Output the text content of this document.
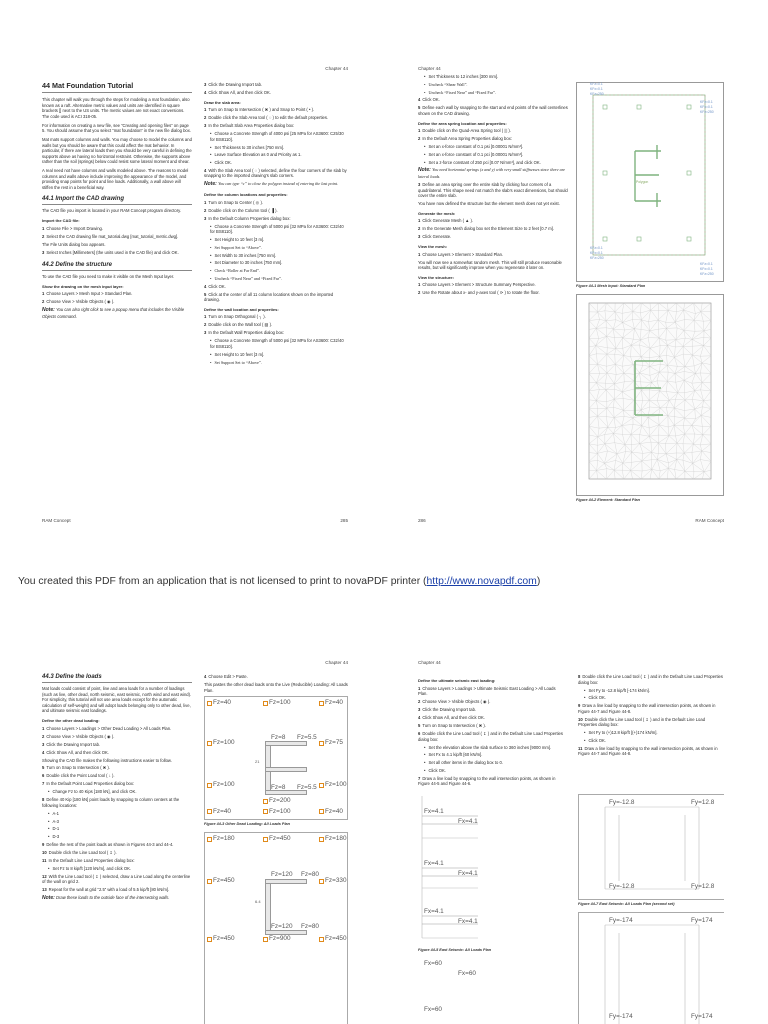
Chapter 44
44 Mat Foundation Tutorial

This chapter will walk you through the steps for modeling a mat foundation, also known as a raft. Alternative metric values and units are identified in square brackets [] next to the US units. The metric values are not exact conversions. The code used is ACI 318-05.

For information on creating a new file, see “Creating and opening files” on page 5. You should assume that you select “mat foundation” in the new file dialog box.

Mat mats support columns and walls. You may choose to model the columns and walls but you should be aware that this could affect the mat behavior. In particular, if there are lateral loads then you should be very careful in defining the supports above as having no horizontal restraint. Otherwise, the supports above rather than the soil (springs) below could resist some lateral moment and shear.

A real need not have columns and walls modeled above. The reasons to model columns and walls above include improving the appearance of the model, and providing snap points for point and line loads. Additionally, a wall above will stiffen the rest in a beneficial way.

44.1 Import the CAD drawing

The CAD file you import is located in your RAM Concept program directory.

Import the CAD file:
1 Choose File > Import Drawing.
2 Select the CAD drawing file mat_tutorial.dwg [mat_tutorial_metric.dwg].

The File Units dialog box appears.

3 Select Inches [Millimeters] (the units used in the CAD file) and click OK.
44.2 Define the structure

To use the CAD file you need to make it visible on the Mesh Input layer.

Show the drawing on the mesh input layer:
1 Choose Layers > Mesh Input > Standard Plan.
2 Choose View > Visible Objects ( ◉ ).
Note: You can also right click to see a popup menu that includes the Visible Objects command.
3 Click the Drawing Import tab.
4 Click Show All, and then click OK.
Draw the slab area:
1 Turn on Snap to Intersection ( ✖ ) and Snap to Point ( • ).
2 Double click the Slab Area tool ( ◌ ) to edit the default properties.
3 In the Default Slab Area Properties dialog box:
• Choose a Concrete Strength of 4000 psi [25 MPa for AS3600: C25/30 for BS8110].
• Set Thickness to 30 inches [750 mm].
• Leave Surface Elevation as 0 and Priority as 1.
• Click OK.
4 With the Slab Area tool ( ◌ ) selected, define the four corners of the slab by snapping to the imported drawing’s slab corners.
Note: You can type “c” to close the polygon instead of entering the last point.
Define the column locations and properties:
1 Turn on Snap to Center ( ◎ ).
2 Double click on the Column tool ( ▐ ).
3 In the Default Column Properties dialog box:
• Choose a Concrete Strength of 5000 psi [32 MPa for AS3600: C32/40 for BS8110].
• Set Height to 10 feet [3 m].
• Set Support Set to “Above”.
• Set Width to 30 inches [750 mm].
• Set Diameter to 30 inches [750 mm].
• Check “Roller at Far End”.
• Uncheck “Fixed Near” and “Fixed Far”.
4 Click OK.
5 Click at the center of all 11 column locations shown on the imported drawing.
Define the wall location and properties:
1 Turn on Snap Orthogonal ( ┐ ).
2 Double click on the Wall tool ( ▧ ).
3 In the Default Wall Properties dialog box:
• Choose a Concrete Strength of 5000 psi [32 MPa for AS3600: C32/40 for BS8110].
• Set Height to 10 feet [3 m].
• Set Support Set to “Above”.
RAM Concept	285
Chapter 44
• Set Thickness to 12 inches [300 mm].
• Uncheck “Shear Wall”.
• Uncheck “Fixed Near” and “Fixed Far”.
4 Click OK.
5 Define each wall by snapping to the start and end points of the wall centerlines shown on the CAD drawing.
Define the area spring location and properties:
1 Double click on the Quad-Area Spring tool ( ▒ ).
2 In the Default Area Spring Properties dialog box:
• Set an x-force constant of 0.1 psi [0.00001 N/mm³].
• Set an x-force constant of 0.1 pci [0.00001 N/mm³].
• Set a z-force constant of 250 pci [0.07 N/mm³], and click OK.
Note: You need horizontal springs (x and y) with very small stiffnesses since there are lateral loads.
3 Define an area spring over the entire slab by clicking four corners of a quadrilateral. This shape need not match the slab’s exact dimensions, but should cover the entire slab.
You have now defined the structure but the element mesh does not yet exist.
Generate the mesh:
1 Click Generate Mesh ( ▲ ).
2 In the Generate Mesh dialog box set the Element Size to 2 feet [0.7 m].
3 Click Generate.
View the mesh:
1 Choose Layers > Element > Standard Plan.
You will now see a somewhat random mesh. This will still produce reasonable results, but will significantly improve when you regenerate it later on.
View the structure:
1 Choose Layers > Element > Structure Summary Perspective.
2 Use the Rotate about x- and y-axes tool ( ⟳ ) to rotate the floor.
KFz=0.1
KFx=0.1
KFz=250
KFz=0.1
KFx=0.1
KFz=250
KFz=0.1
KFx=0.1
KFz=250
KFz=0.1
KFx=0.1
KFz=250
Polygon
Figure 44-1 Mesh Input: Standard Plan
Figure 44-2 Element: Standard Plan
286	RAM Concept
You created this PDF from an application that is not licensed to print to novaPDF printer (http://www.novapdf.com)
Chapter 44
44.3 Define the loads

Mat loads could consist of point, line and area loads for a number of loadings (such as live, other dead, north seismic, east seismic, north wind and east wind). For simplicity, this tutorial will not use area loads except for the automatic calculation of self-weight) and will adopt loads belonging only to other dead, live, and ultimate seismic east loadings.

Define the other dead loading:
1 Choose Layers > Loadings > Other Dead Loading > All Loads Plan.
2 Choose View > Visible Objects ( ◉ ).
3 Click the Drawing Import tab.
4 Click Show All, and then click OK.
Showing the CAD file makes the following instructions easier to follow.
5 Turn on Snap to Intersection ( ✖ ).
6 Double click the Point Load tool ( ↓ ).
7 In the Default Point Load Properties dialog box:
• Change Fz to 40 Kips [180 kN], and click OK.
8 Define 40 Kip [180 kN] point loads by snapping to column centers at the following locations:
• A-1
• A-3
• D-1
• D-3
9 Define the rest of the point loads as shown in Figures 44-3 and 44-4.
10 Double click the Line Load tool ( ↧ ).
11 In the Default Line Load Properties dialog box:
• Set Fz to 8 kip/ft [120 kN/m], and click OK.
12 With the Line Load tool ( ↧ ) selected, draw a Line Load along the centerline of the wall on grid 2.
13 Repeat for the wall at grid “2.5” with a load of 5.5 kip/ft [80 kN/m].
Note: Draw these loads to the outside face of the intersecting walls.
4 Choose Edit > Paste.

This pastes the other dead loads onto the Live (Reducible) Loading: All Loads Plan.

Fz=40	Fz=100	Fz=40
Fz=100
Fz=8 Fz=5.5
Fz=75
Fz=8 Fz=5.5
Fz=100
Fz=200
Fz=100
Fz=40	Fz=100	Fz=40
21
Figure 44-3 Other Dead Loading: All Loads Plan
Fz=180	Fz=450	Fz=180
Fz=450
Fz=120 Fz=80
Fz=330
Fz=120 Fz=80
Fz=450	Fz=900	Fz=450
6.4
Chapter 44
Define the ultimate seismic east loading:
1 Choose Layers > Loadings > Ultimate Seismic East Loading > All Loads Plan.
2 Choose View > Visible Objects ( ◉ ).
3 Click the Drawing Import tab.
4 Click Show All, and then click OK.
5 Turn on Snap to Intersection ( ✖ ).
6 Double click the Line Load tool ( ↧ ) and in the Default Line Load Properties dialog box:
• Set the elevation above the slab surface to 360 inches [9000 mm].
• Set Fx to 4.1 kip/ft [60 kN/m].
• Set all other items in the dialog box to 0.
• Click OK.
7 Draw a line load by snapping to the wall intersection points, as shown in Figure 44-5 and Figure 44-6.
8 Double click the Line Load tool ( ↧ ) and in the Default Line Load Properties dialog box:
• Set Fy to -12.8 kip/ft [-174 kN/m].
• Click OK.
9 Draw a line load by snapping to the wall intersection points, as shown in Figure 44-7 and Figure 44-8.
10 Double click the Line Load tool ( ↧ ) and in the Default Line Load Properties dialog box:
• Set Fy to (+)12.8 kip/ft [(+)174 kN/m].
• Click OK.
11 Draw a line load by snapping to the wall intersection points, as shown in Figure 44-7 and Figure 44-8.
Fx=4.1
Fx=4.1
Fx=4.1
Fx=4.1
Fx=4.1
Fx=4.1
Figure 44-5 East Seismic: All Loads Plan
Fx=60
Fx=60
Fx=60
Fy=-12.8	Fy=12.8
Fy=-12.8	Fy=12.8
Figure 44-7 East Seismic: All Loads Plan (second set)
Fy=-174	Fy=174
Fy=-174	Fy=174
